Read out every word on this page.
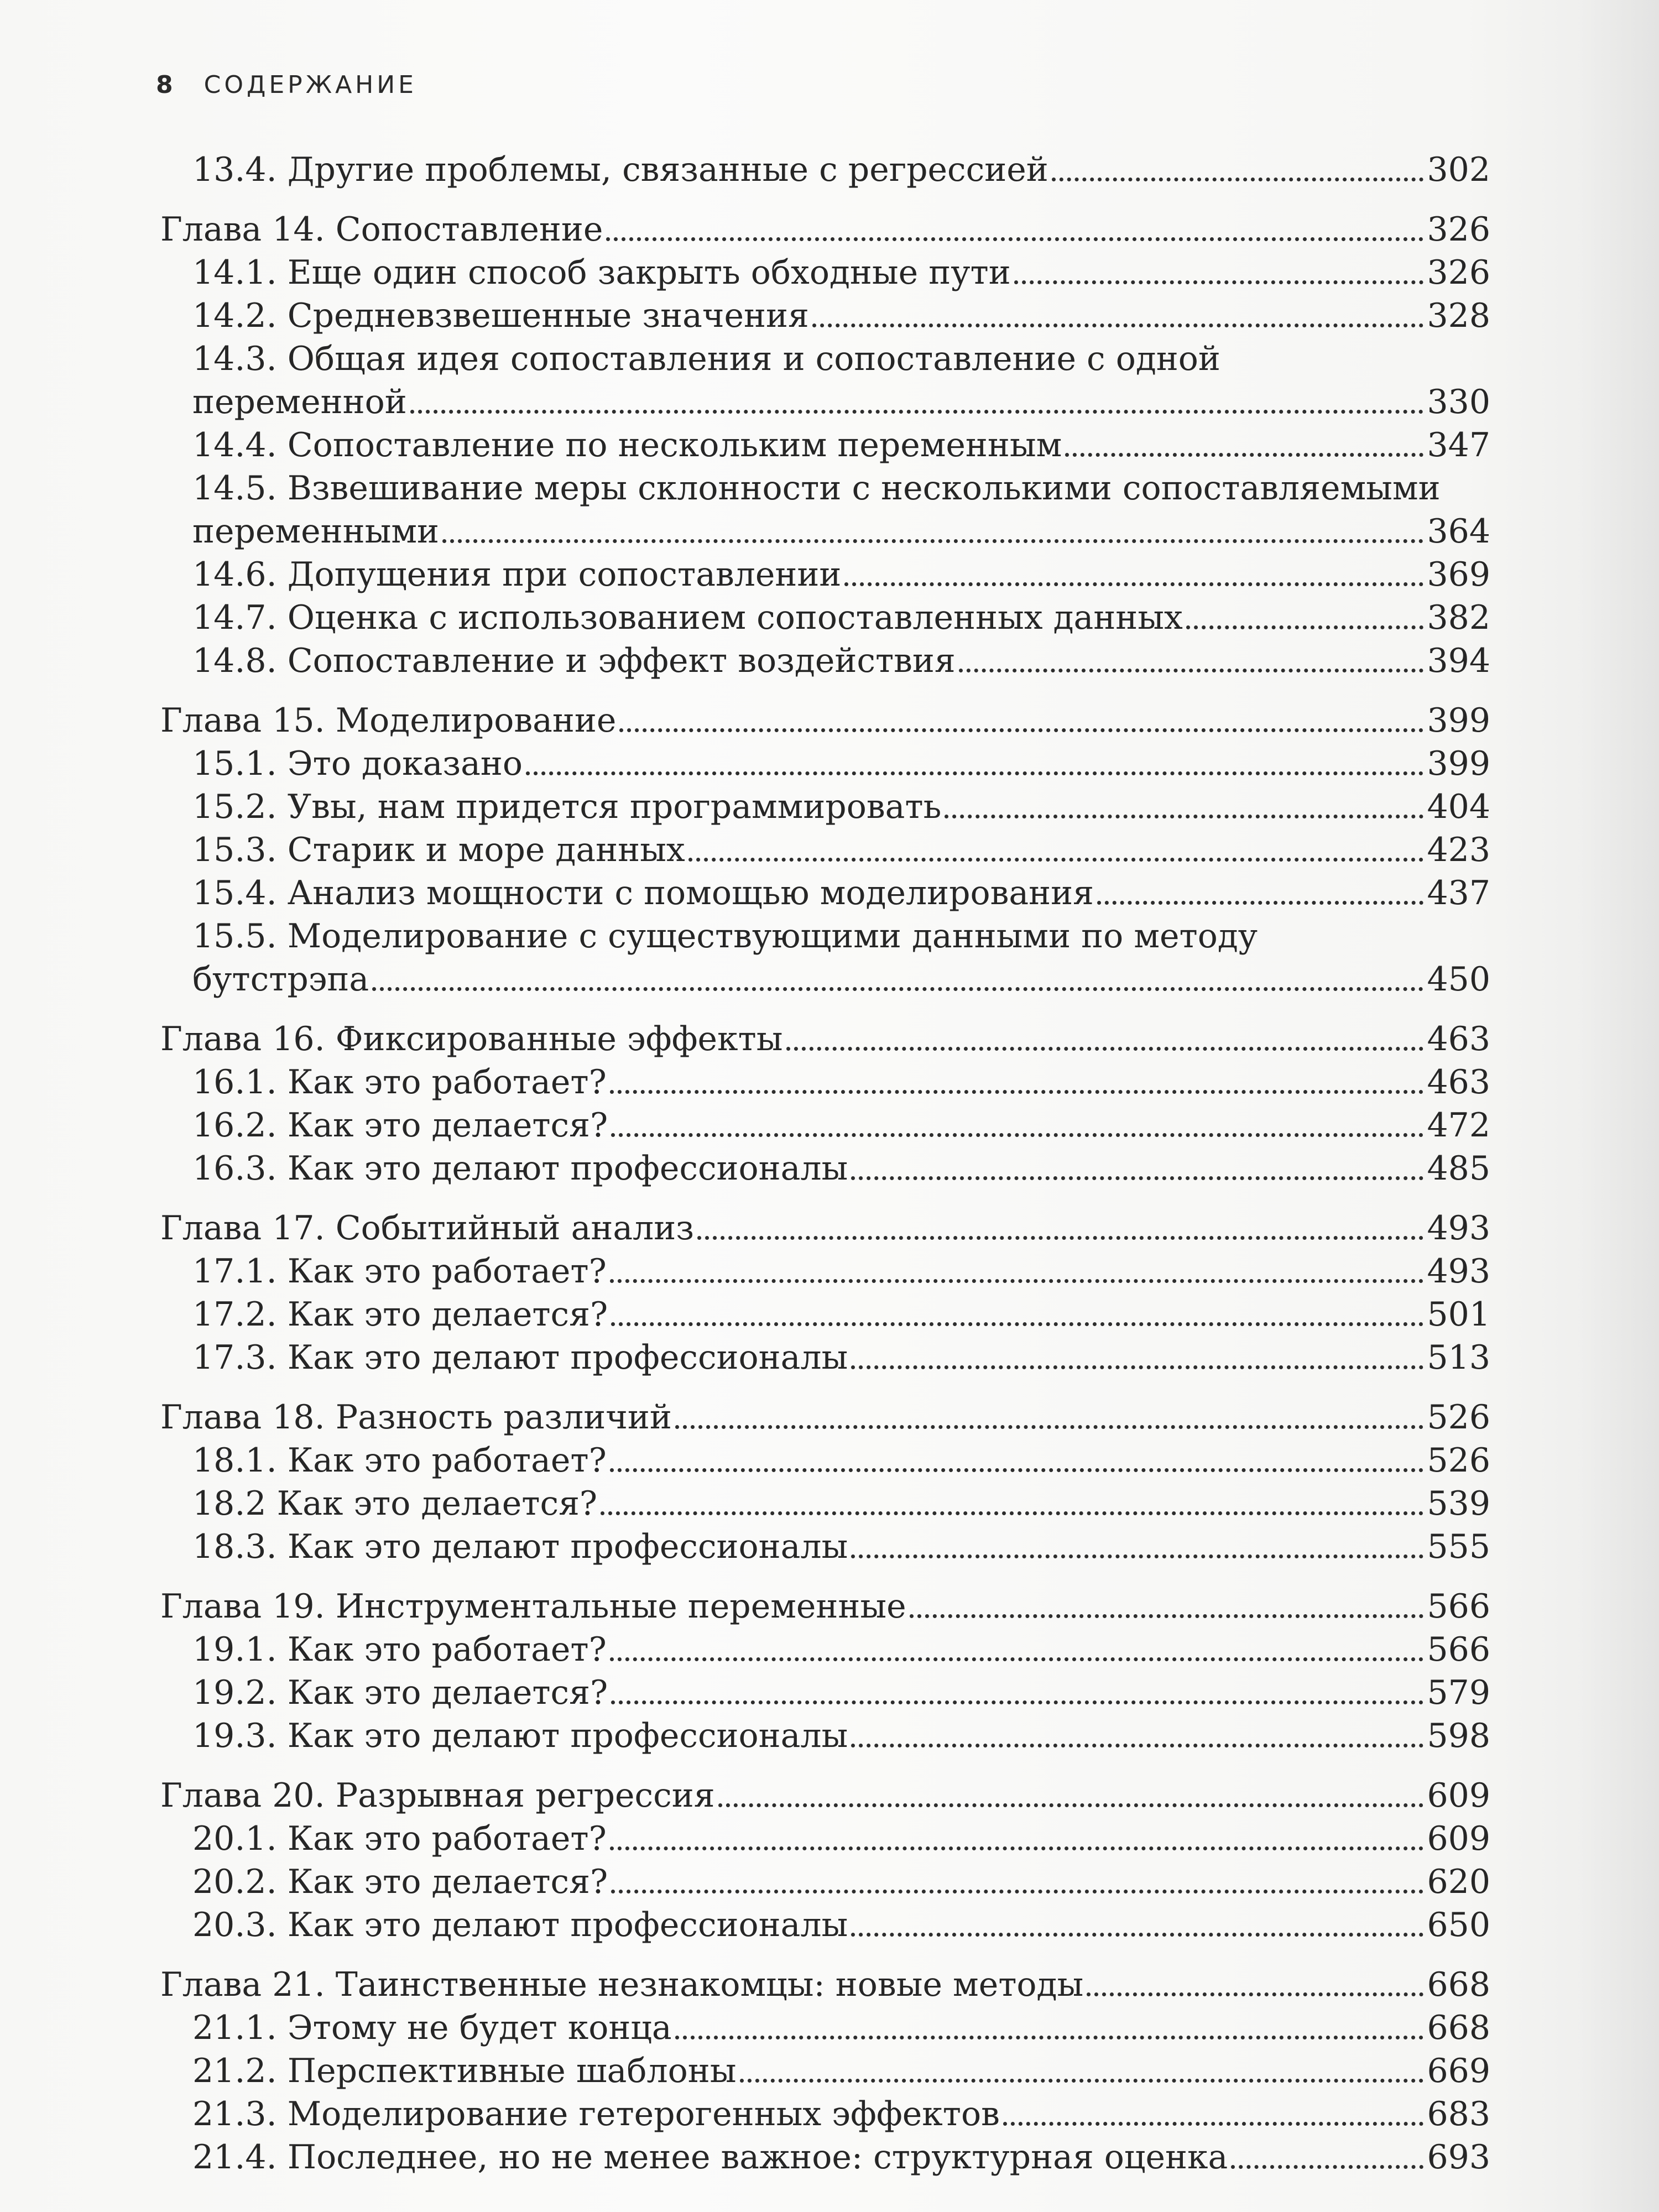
8 СОДЕРЖАНИЕ
13.4. Другие проблемы, связанные с регрессией	302
Глава 14. Сопоставление	326
14.1. Еще один способ закрыть обходные пути	326
14.2. Средневзвешенные значения	328
14.3. Общая идея сопоставления и сопоставление с одной
переменной	330
14.4. Сопоставление по нескольким переменным	347
14.5. Взвешивание меры склонности с несколькими сопоставляемыми
переменными	364
14.6. Допущения при сопоставлении	369
14.7. Оценка с использованием сопоставленных данных	382
14.8. Сопоставление и эффект воздействия	394
Глава 15. Моделирование	399
15.1. Это доказано	399
15.2. Увы, нам придется программировать	404
15.3. Старик и море данных	423
15.4. Анализ мощности с помощью моделирования	437
15.5. Моделирование с существующими данными по методу
бутстрэпа	450
Глава 16. Фиксированные эффекты	463
16.1. Как это работает?	463
16.2. Как это делается?	472
16.3. Как это делают профессионалы	485
Глава 17. Событийный анализ	493
17.1. Как это работает?	493
17.2. Как это делается?	501
17.3. Как это делают профессионалы	513
Глава 18. Разность различий	526
18.1. Как это работает?	526
18.2 Как это делается?	539
18.3. Как это делают профессионалы	555
Глава 19. Инструментальные переменные	566
19.1. Как это работает?	566
19.2. Как это делается?	579
19.3. Как это делают профессионалы	598
Глава 20. Разрывная регрессия	609
20.1. Как это работает?	609
20.2. Как это делается?	620
20.3. Как это делают профессионалы	650
Глава 21. Таинственные незнакомцы: новые методы	668
21.1. Этому не будет конца	668
21.2. Перспективные шаблоны	669
21.3. Моделирование гетерогенных эффектов	683
21.4. Последнее, но не менее важное: структурная оценка	693
